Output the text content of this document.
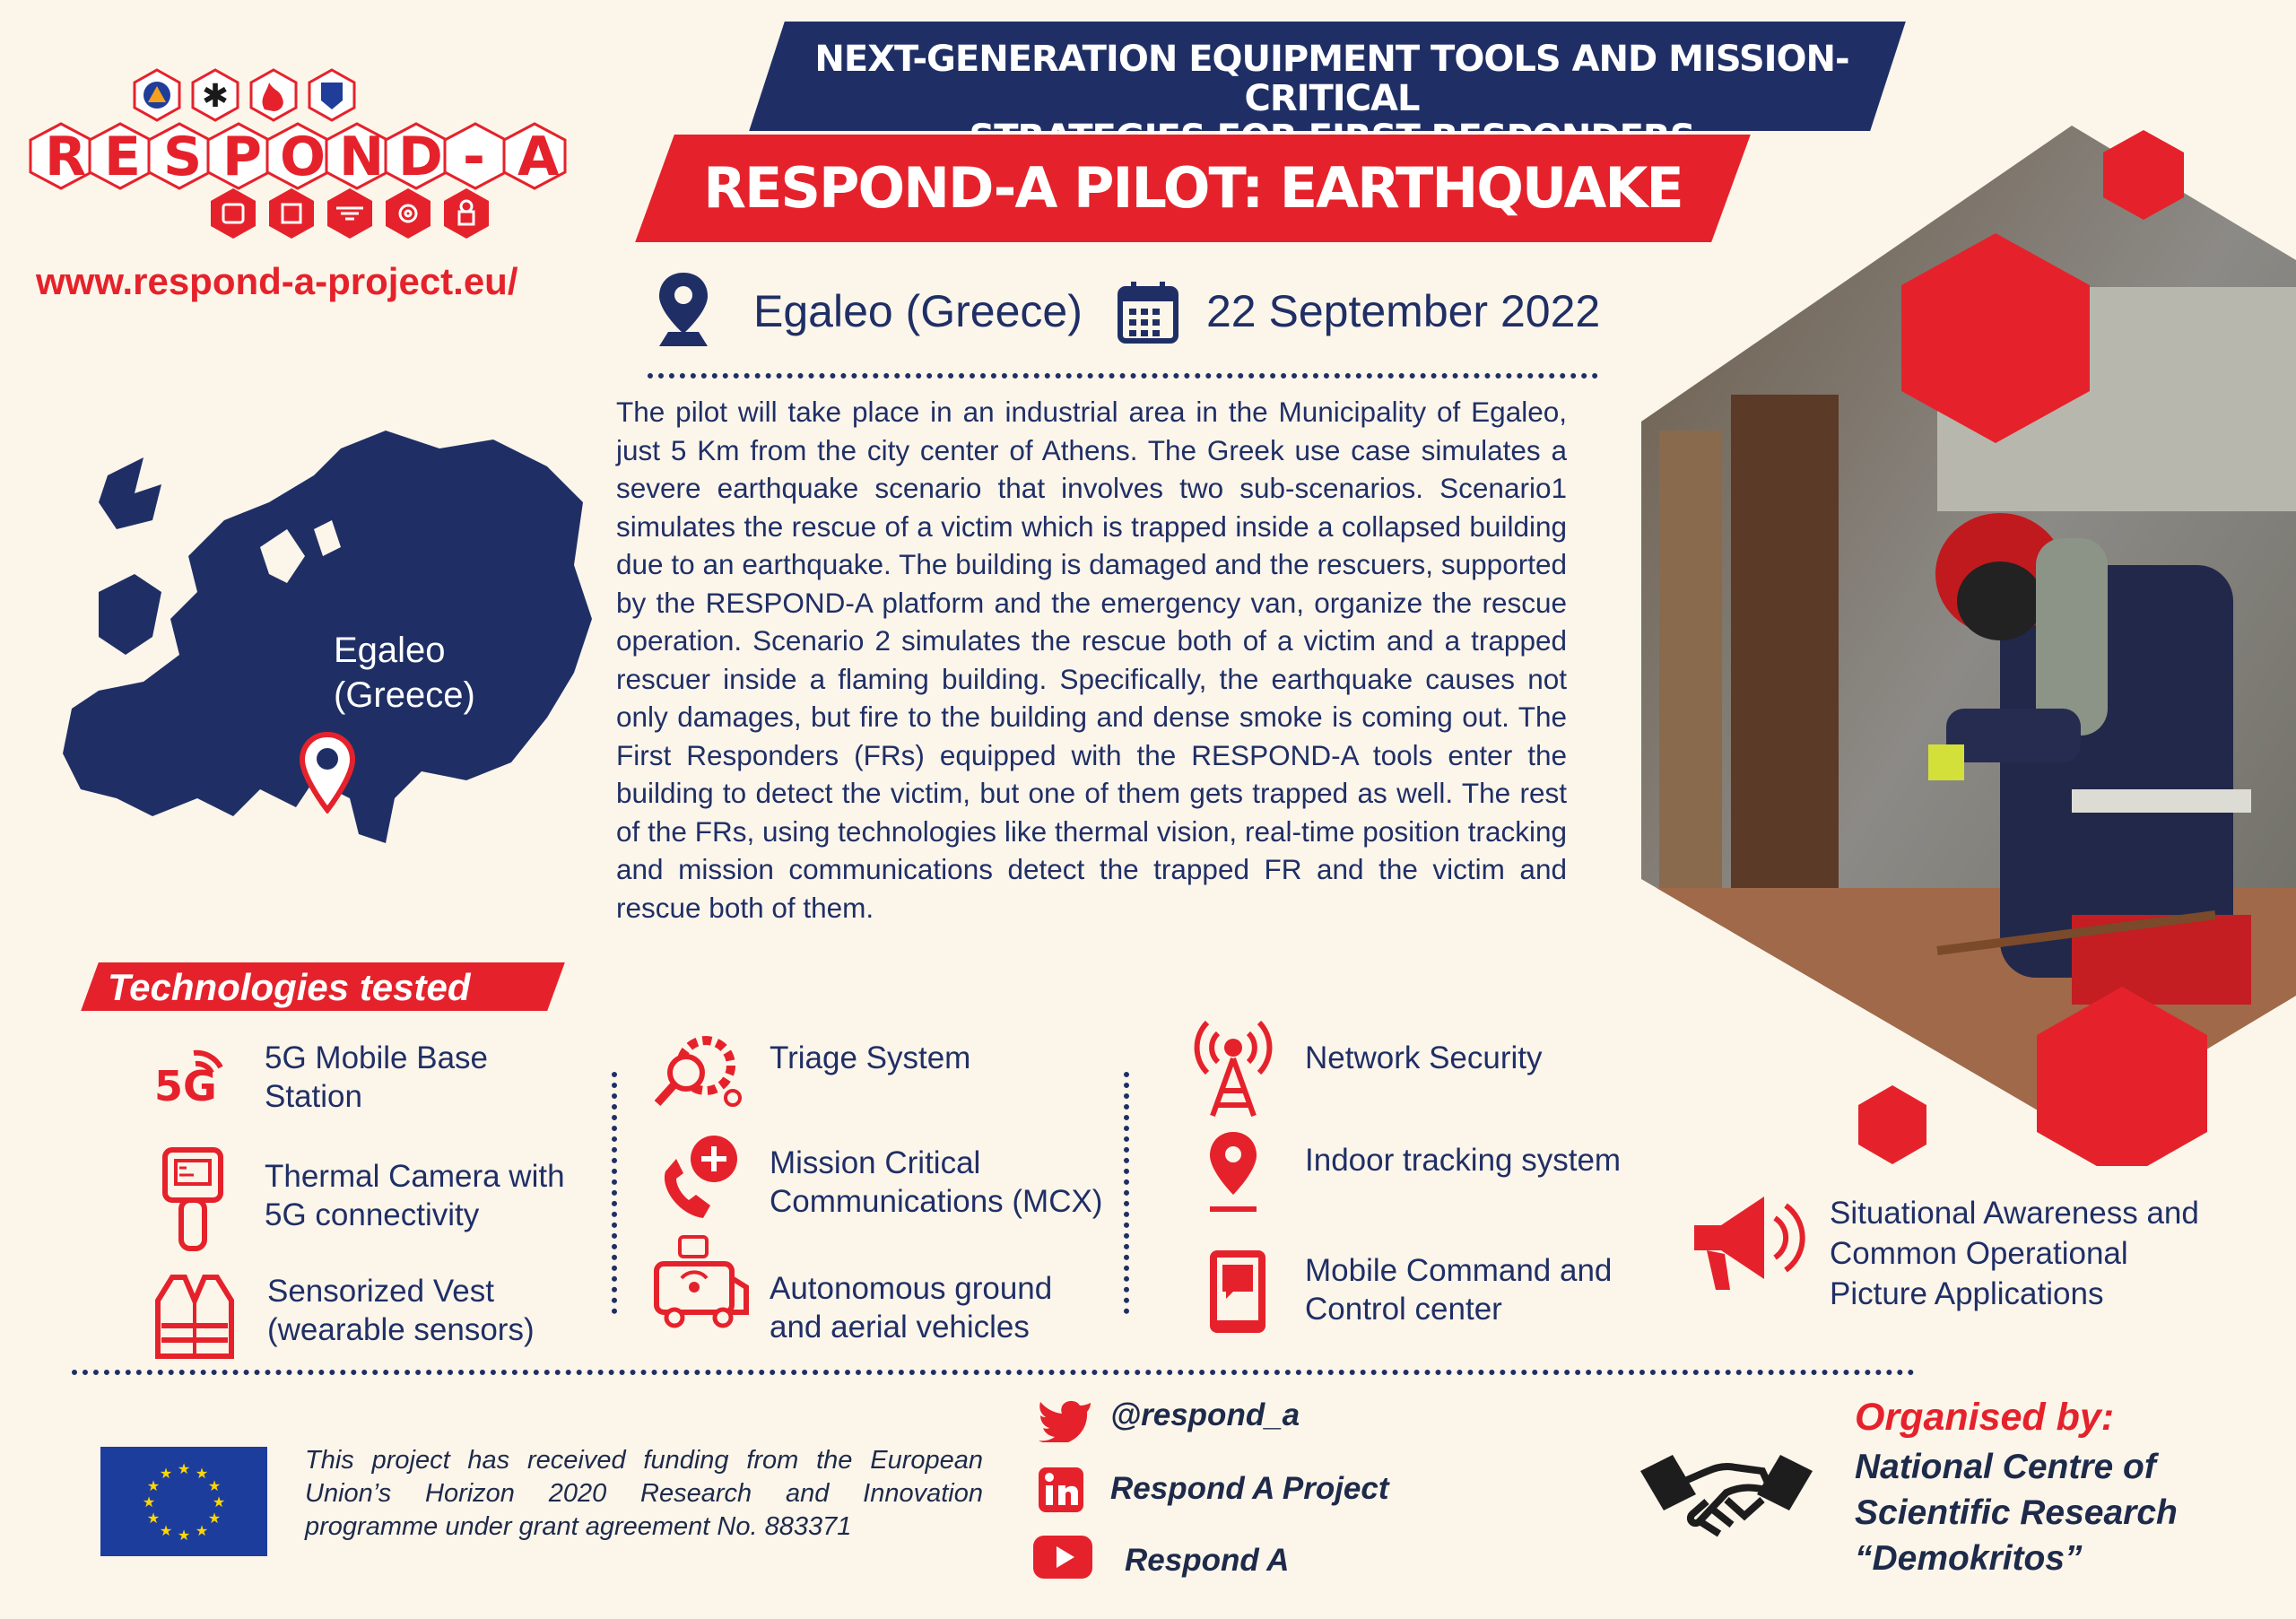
✱
R E S P O N D - A
www.respond-a-project.eu/
NEXT-GENERATION EQUIPMENT TOOLS AND MISSION-CRITICAL
RESPOND-A PILOT: EARTHQUAKE
Egaleo (Greece)	22 September 2022
The pilot will take place in an industrial area in the Municipality of Egaleo, just 5 Km from the city center of Athens. The Greek use case simulates a severe earthquake scenario that involves two sub-scenarios. Scenario1 simulates the rescue of a victim which is trapped inside a collapsed building due to an earthquake. The building is damaged and the rescuers, supported by the RESPOND-A platform and the emergency van, organize the rescue operation. Scenario 2 simulates the rescue both of a victim and a trapped rescuer inside a flaming building. Specifically, the earthquake causes not only damages, but fire to the building and dense smoke is coming out. The First Responders (FRs) equipped with the RESPOND-A tools enter the building to detect the victim, but one of them gets trapped as well. The rest of the FRs, using technologies like thermal vision, real-time position tracking and mission communications detect the trapped FR and the victim and rescue both of them.
Egaleo
(Greece)
Technologies tested
5G
5G Mobile Base
Station
Thermal Camera with
5G connectivity
Sensorized Vest
(wearable sensors)
Triage System
Mission Critical
Communications (MCX)
Autonomous ground
and aerial vehicles
Network Security
Indoor tracking system
Mobile Command and
Control center
Situational Awareness and
Common Operational
Picture Applications
★ ★
★
★
★
★
★
★
★
★
★
★	This project has received funding from the European Union’s Horizon 2020 Research and Innovation programme under grant agreement No. 883371
@respond_a
Respond A Project
Respond A
Organised by:
National Centre of
Scientific Research
“Demokritos”
